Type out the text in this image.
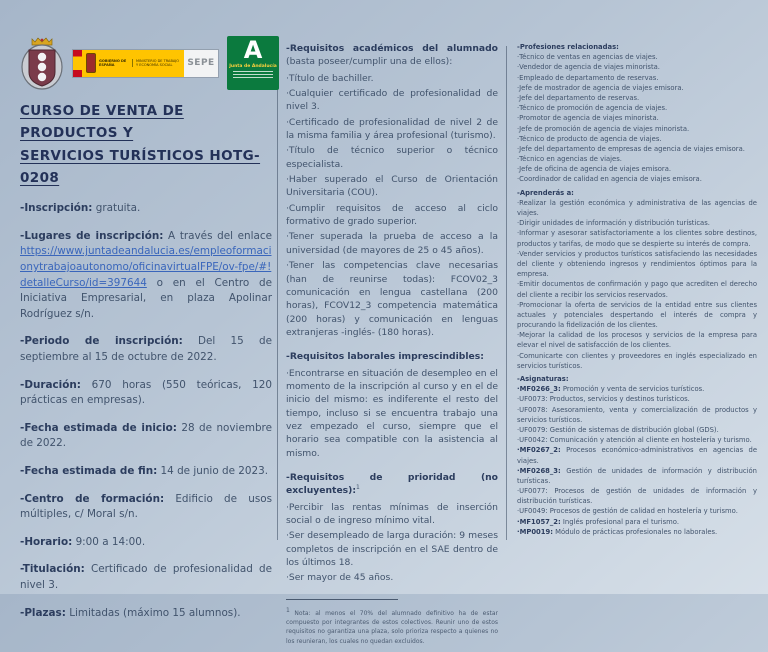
GOBIERNO DE ESPAÑA
MINISTERIO DE TRABAJO Y ECONOMÍA SOCIAL	SEPE A
Junta de Andalucía
CURSO DE VENTA DE PRODUCTOS Y
SERVICIOS TURÍSTICOS HOTG-0208

-Inscripción: gratuita.

-Lugares de inscripción: A través del enlace https://www.juntadeandalucia.es/empleoformacionytrabajoautonomo/oficinavirtualFPE/ov-fpe/#!detalleCurso/id=397644 o en el Centro de Iniciativa Empresarial, en plaza Apolinar Rodríguez s/n.

-Periodo de inscripción: Del 15 de septiembre al 15 de octubre de 2022.

-Duración: 670 horas (550 teóricas, 120 prácticas en empresas).

-Fecha estimada de inicio: 28 de noviembre de 2022.

-Fecha estimada de fin: 14 de junio de 2023.

-Centro de formación: Edificio de usos múltiples, c/ Moral s/n.

-Horario: 9:00 a 14:00.

-Titulación: Certificado de profesionalidad de nivel 3.

-Plazas: Limitadas (máximo 15 alumnos).

-Requisitos académicos del alumnado (basta poseer/cumplir una de ellos):

·Título de bachiller.

·Cualquier certificado de profesionalidad de nivel 3.

·Certificado de profesionalidad de nivel 2 de la misma familia y área profesional (turismo).

·Título de técnico superior o técnico especialista.

·Haber superado el Curso de Orientación Universitaria (COU).

·Cumplir requisitos de acceso al ciclo formativo de grado superior.

·Tener superada la prueba de acceso a la universidad (de mayores de 25 o 45 años).

·Tener las competencias clave necesarias (han de reunirse todas): FCOV02_3 comunicación en lengua castellana (200 horas), FCOV12_3 competencia matemática (200 horas) y comunicación en lenguas extranjeras -inglés- (180 horas).

-Requisitos laborales imprescindibles:

·Encontrarse en situación de desempleo en el momento de la inscripción al curso y en el de inicio del mismo: es indiferente el resto del tiempo, incluso si se encuentra trabajo una vez empezado el curso, siempre que el horario sea compatible con la asistencia al mismo.

-Requisitos de prioridad (no excluyentes):$^1$

·Percibir las rentas mínimas de inserción social o de ingreso mínimo vital.

·Ser desempleado de larga duración: 9 meses completos de inscripción en el SAE dentro de los últimos 18.

·Ser mayor de 45 años.

$^1$ Nota: al menos el 70% del alumnado definitivo ha de estar compuesto por integrantes de estos colectivos. Reunir uno de estos requisitos no garantiza una plaza, solo prioriza respecto a quienes no los reunieran, los cuales no quedan excluidos.

-Profesiones relacionadas:

·Técnico de ventas en agencias de viajes.

·Vendedor de agencia de viajes minorista.

·Empleado de departamento de reservas.

·Jefe de mostrador de agencia de viajes emisora.

·Jefe del departamento de reservas.

·Técnico de promoción de agencia de viajes.

·Promotor de agencia de viajes minorista.

·Jefe de promoción de agencia de viajes minorista.

·Técnico de producto de agencia de viajes.

·Jefe del departamento de empresas de agencia de viajes emisora.

·Técnico en agencias de viajes.

·Jefe de oficina de agencia de viajes emisora.

·Coordinador de calidad en agencia de viajes emisora.

-Aprenderás a:

·Realizar la gestión económica y administrativa de las agencias de viajes.

·Dirigir unidades de información y distribución turísticas.

·Informar y asesorar satisfactoriamente a los clientes sobre destinos, productos y tarifas, de modo que se despierte su interés de compra.

·Vender servicios y productos turísticos satisfaciendo las necesidades del cliente y obteniendo ingresos y rendimientos óptimos para la empresa.

·Emitir documentos de confirmación y pago que acrediten el derecho del cliente a recibir los servicios reservados.

·Promocionar la oferta de servicios de la entidad entre sus clientes actuales y potenciales despertando el interés de compra y procurando la fidelización de los clientes.

·Mejorar la calidad de los procesos y servicios de la empresa para elevar el nivel de satisfacción de los clientes.

·Comunicarte con clientes y proveedores en inglés especializado en servicios turísticos.

-Asignaturas:

·MF0266_3: Promoción y venta de servicios turísticos.

·UF0073: Productos, servicios y destinos turísticos.

·UF0078: Asesoramiento, venta y comercialización de productos y servicios turísticos.

·UF0079: Gestión de sistemas de distribución global (GDS).

·UF0042: Comunicación y atención al cliente en hostelería y turismo.

·MF0267_2: Procesos económico-administrativos en agencias de viajes.

·MF0268_3: Gestión de unidades de información y distribución turísticas.

·UF0077: Procesos de gestión de unidades de información y distribución turísticas.

·UF0049: Procesos de gestión de calidad en hostelería y turismo.

·MF1057_2: Inglés profesional para el turismo.

·MP0019: Módulo de prácticas profesionales no laborales.
